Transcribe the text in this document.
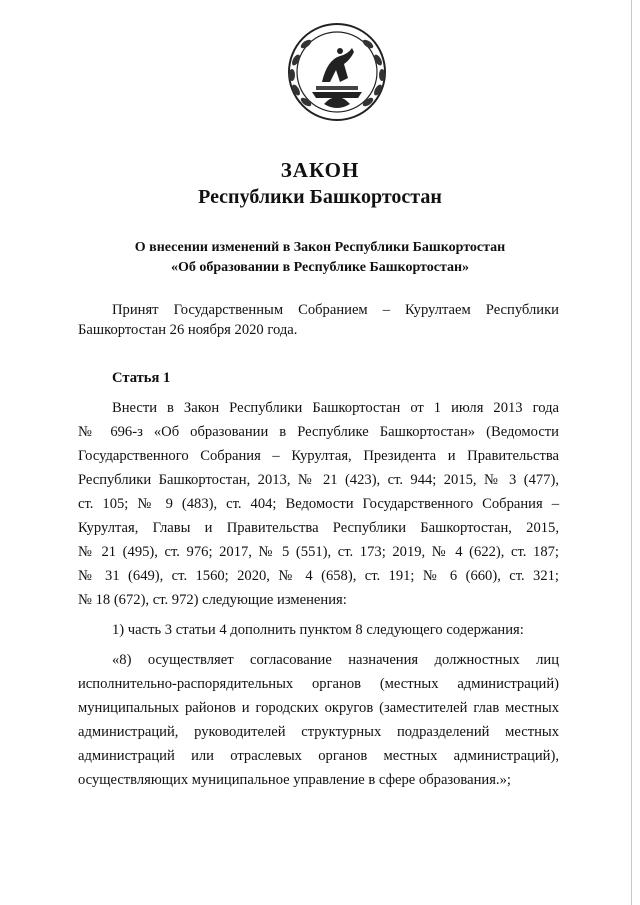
ЗАКОН
Республики Башкортостан
О внесении изменений в Закон Республики Башкортостан
«Об образовании в Республике Башкортостан»
Принят Государственным Собранием – Курултаем Республики
Башкортостан 26 ноября 2020 года.
Статья 1
Внести в Закон Республики Башкортостан от 1 июля 2013 года
№ 696-з «Об образовании в Республике Башкортостан» (Ведомости
Государственного Собрания – Курултая, Президента и Правительства
Республики Башкортостан, 2013, № 21 (423), ст. 944; 2015, № 3 (477),
ст. 105; № 9 (483), ст. 404; Ведомости Государственного Собрания –
Курултая, Главы и Правительства Республики Башкортостан, 2015,
№ 21 (495), ст. 976; 2017, № 5 (551), ст. 173; 2019, № 4 (622), ст. 187;
№ 31 (649), ст. 1560; 2020, № 4 (658), ст. 191; № 6 (660), ст. 321;
№ 18 (672), ст. 972) следующие изменения:
1) часть 3 статьи 4 дополнить пунктом 8 следующего содержания:
«8) осуществляет согласование назначения должностных лиц
исполнительно-распорядительных органов (местных администраций)
муниципальных районов и городских округов (заместителей глав местных
администраций, руководителей структурных подразделений местных
администраций или отраслевых органов местных администраций),
осуществляющих муниципальное управление в сфере образования.»;
